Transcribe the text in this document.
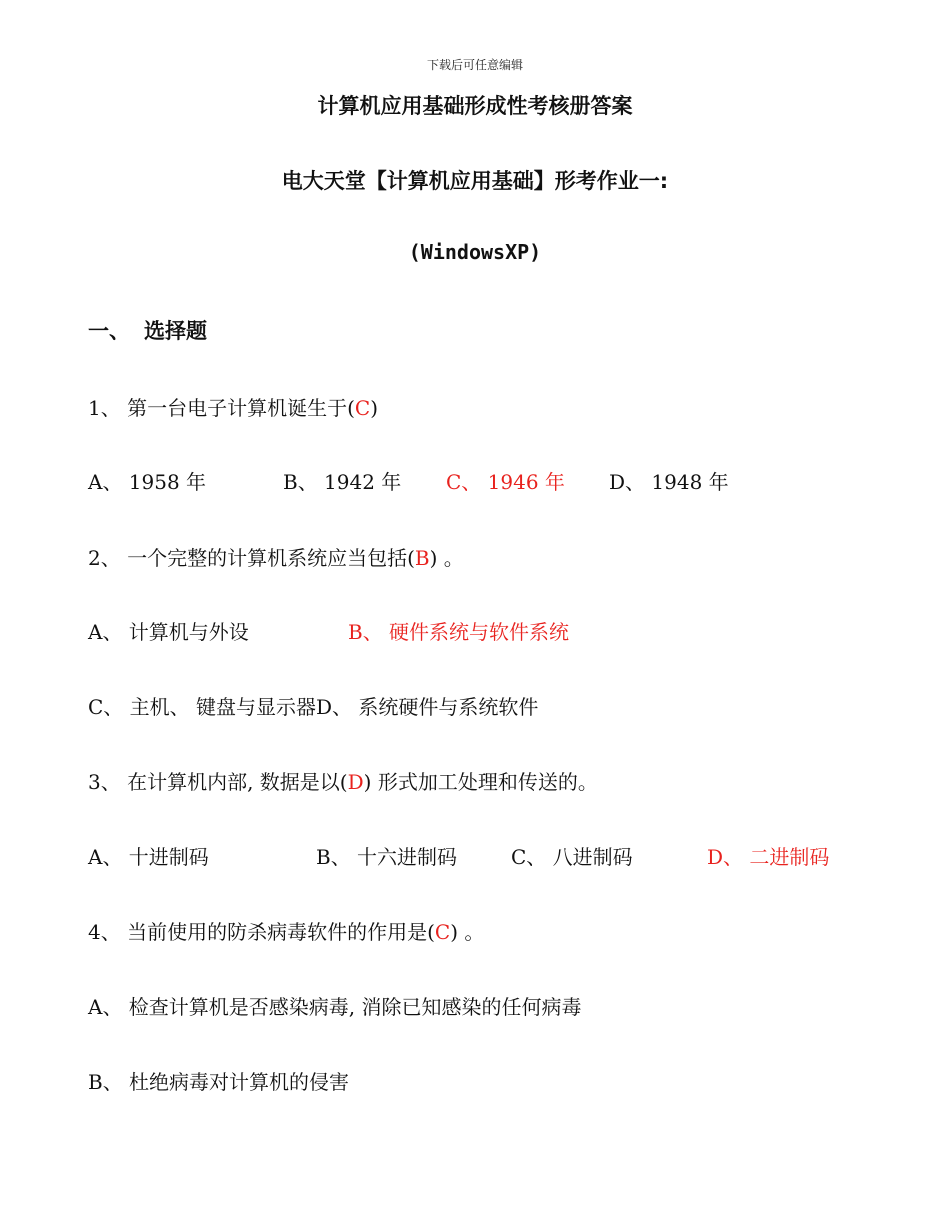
下载后可任意编辑
计算机应用基础形成性考核册答案
电大天堂【计算机应用基础】形考作业一:
(WindowsXP)
一、 选择题
1、 第一台电子计算机诞生于(C)
A、 1958 年	B、 1942 年 C、 1946 年 D、 1948 年
2、 一个完整的计算机系统应当包括(B) 。
A、 计算机与外设	B、 硬件系统与软件系统
C、 主机、 键盘与显示器D、 系统硬件与系统软件
3、 在计算机内部, 数据是以(D) 形式加工处理和传送的。
A、 十进制码	B、 十六进制码	C、 八进制码	D、 二进制码
4、 当前使用的防杀病毒软件的作用是(C) 。
A、 检查计算机是否感染病毒, 消除已知感染的任何病毒
B、 杜绝病毒对计算机的侵害
